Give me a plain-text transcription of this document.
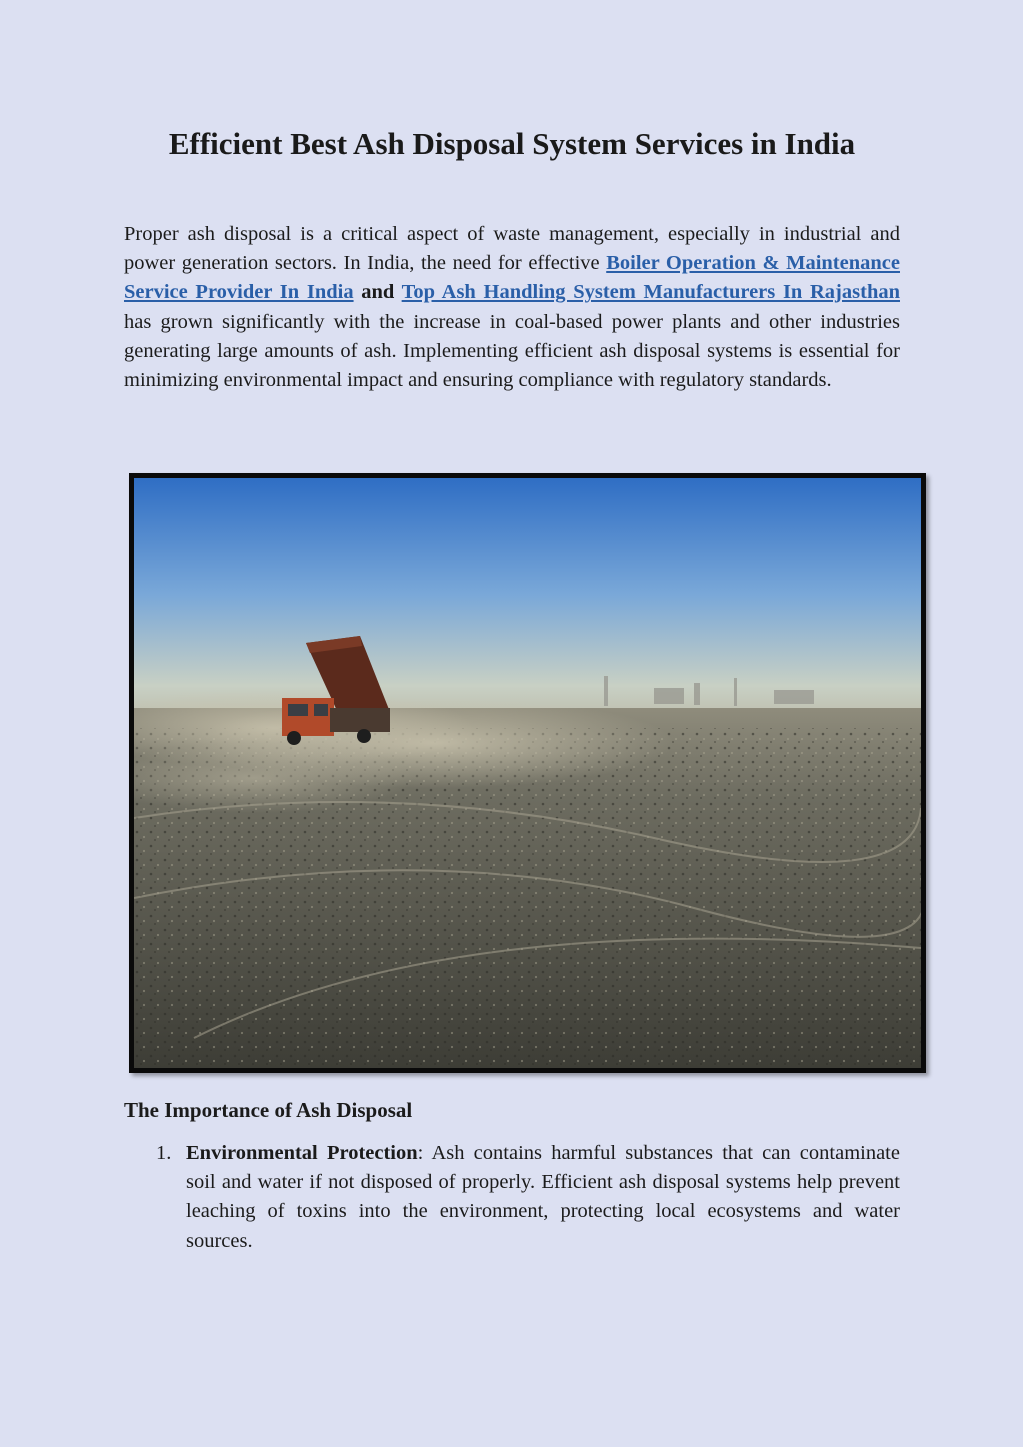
Efficient Best Ash Disposal System Services in India

Proper ash disposal is a critical aspect of waste management, especially in industrial and power generation sectors. In India, the need for effective Boiler Operation & Maintenance Service Provider In India and Top Ash Handling System Manufacturers In Rajasthan has grown significantly with the increase in coal-based power plants and other industries generating large amounts of ash. Implementing efficient ash disposal systems is essential for minimizing environmental impact and ensuring compliance with regulatory standards.

The Importance of Ash Disposal
1. Environmental Protection: Ash contains harmful substances that can contaminate soil and water if not disposed of properly. Efficient ash disposal systems help prevent leaching of toxins into the environment, protecting local ecosystems and water sources.
